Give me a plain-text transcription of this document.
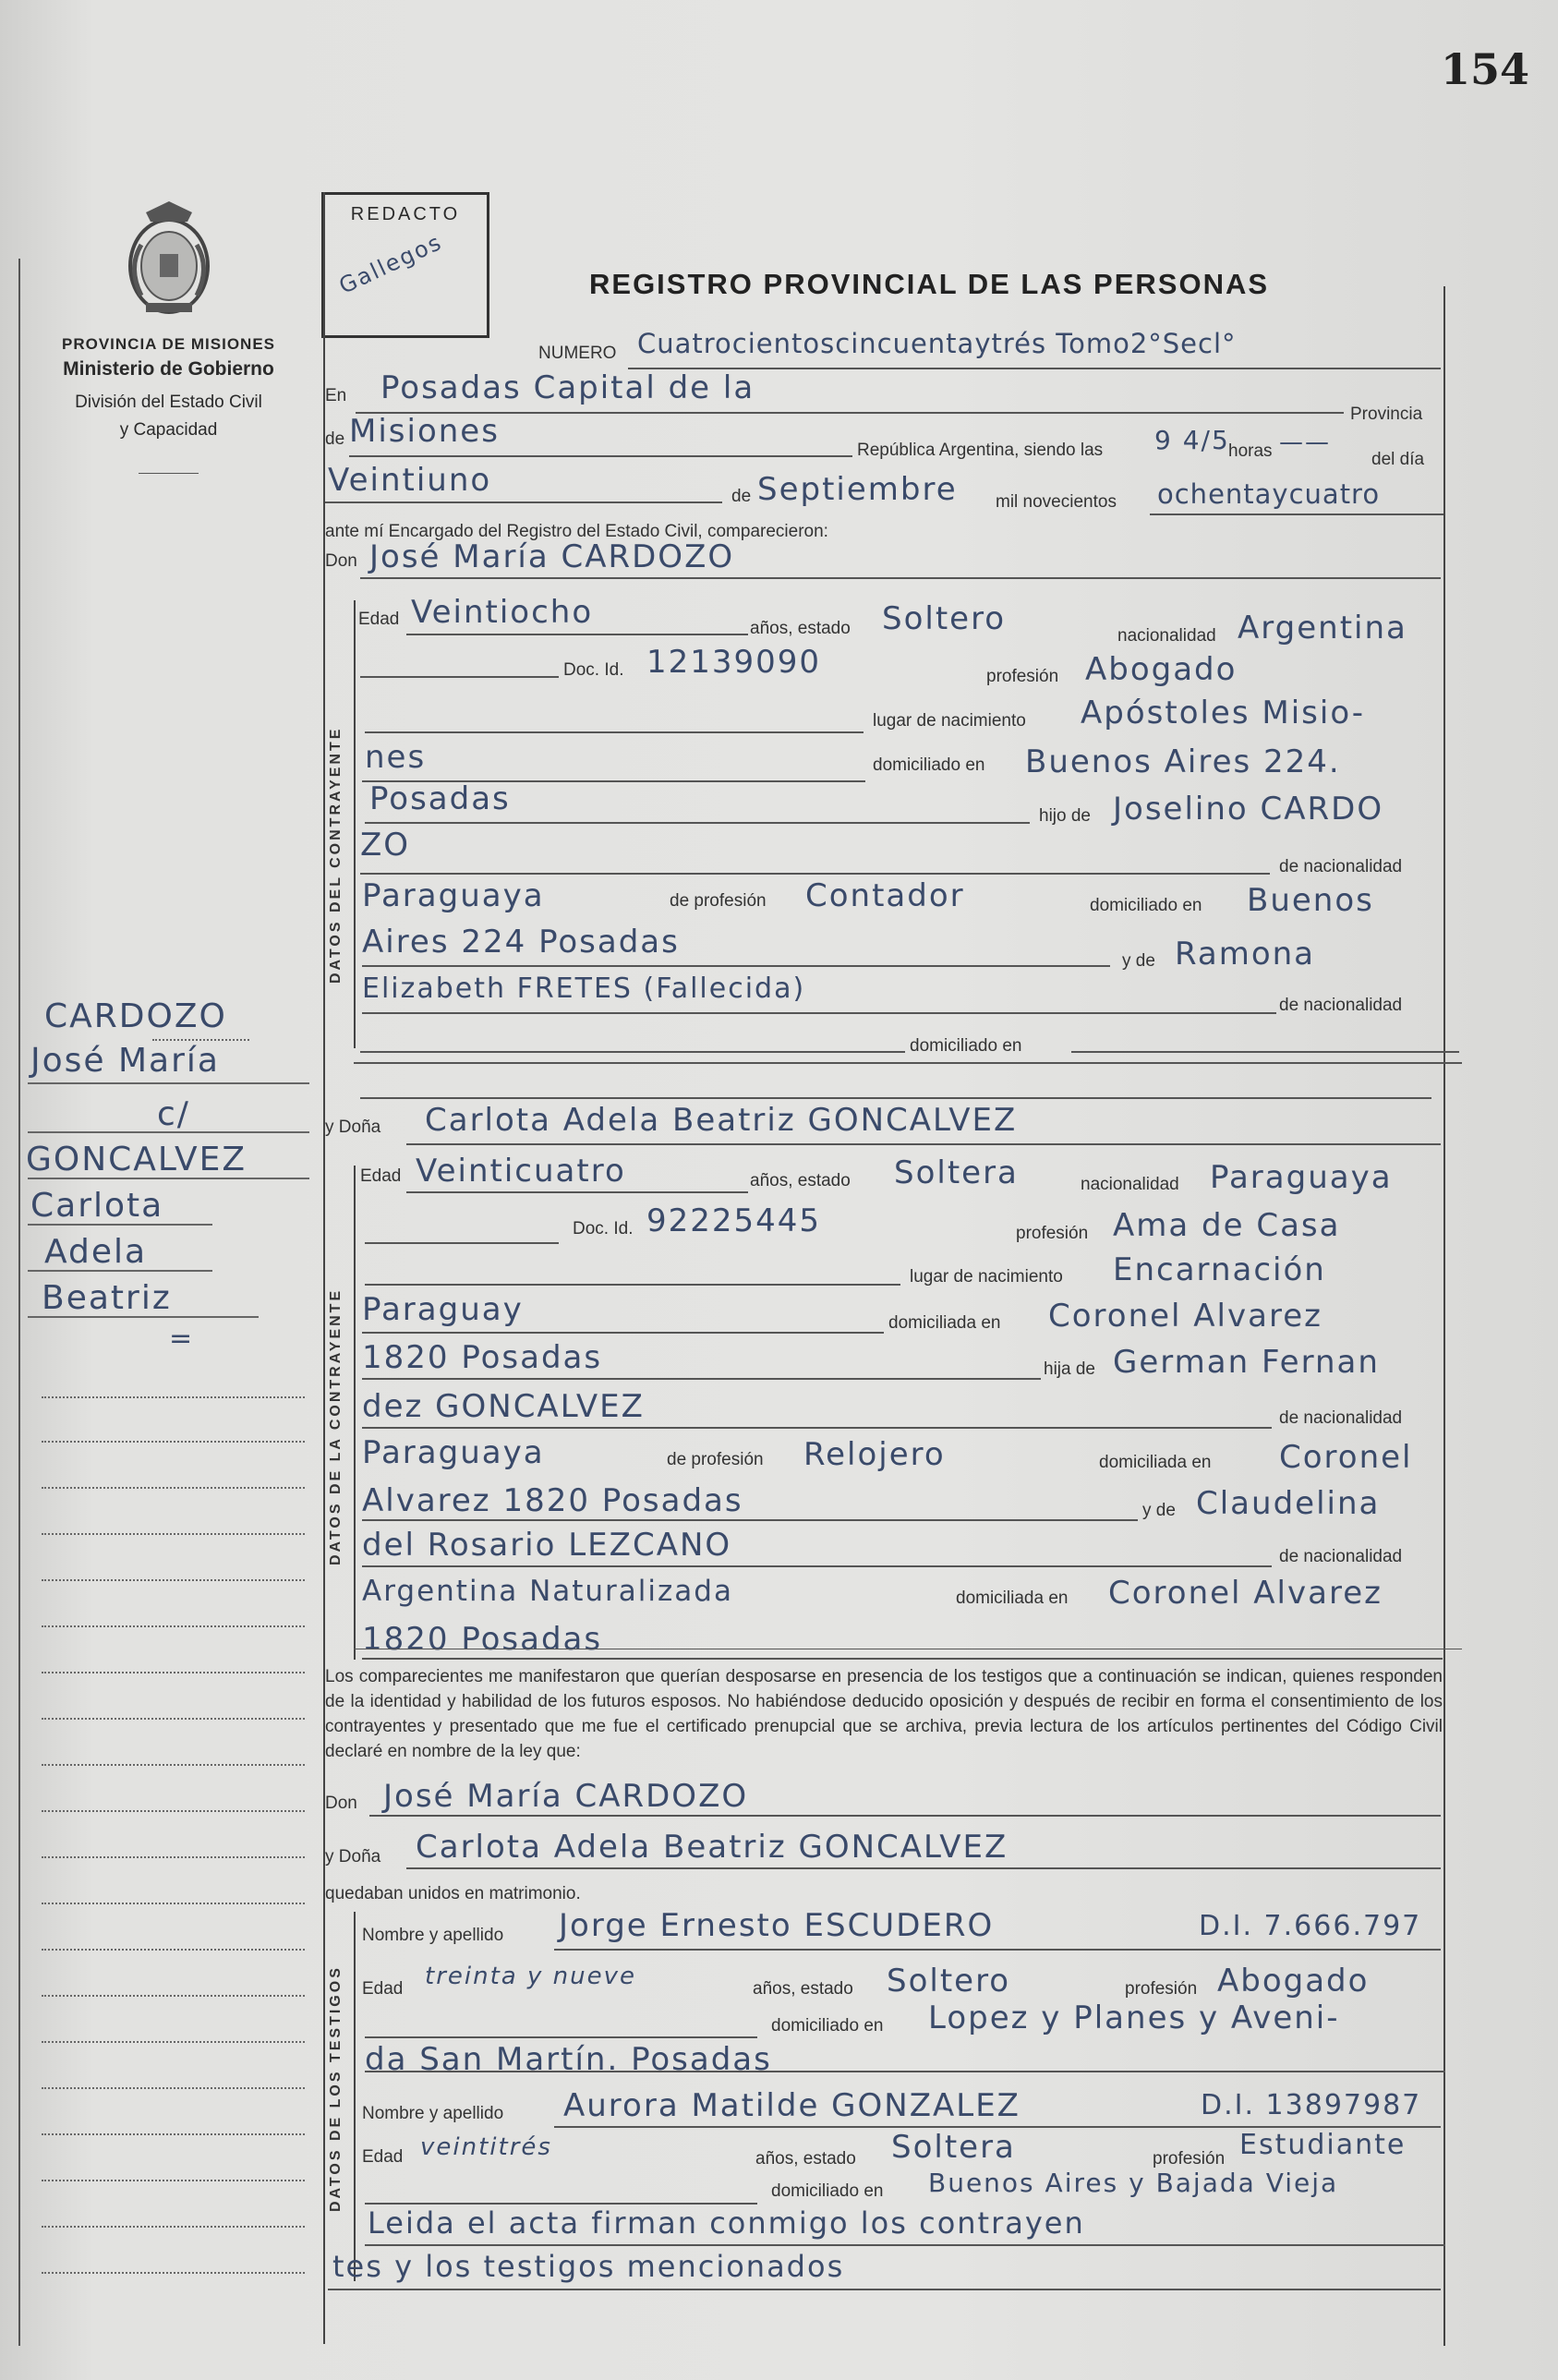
154
PROVINCIA DE MISIONES
Ministerio de Gobierno
División del Estado Civil
y Capacidad
REDACTO
Gallegos	REGISTRO PROVINCIAL DE LAS PERSONAS
NUMERO Cuatrocientoscincuentaytrés Tomo2°Secl°
En Posadas Capital de la
Provincia
de Misiones
República Argentina, siendo las 9 4/5
horas ——
del día
Veintiuno	de Septiembre mil novecientos ochentaycuatro
ante mí Encargado del Registro del Estado Civil, comparecieron:
Don José María CARDOZO
DATOS DEL CONTRAYENTE
Edad Veintiocho	años, estado Soltero	nacionalidad Argentina
Doc. Id. 12139090	profesión Abogado
lugar de nacimiento Apóstoles Misio-
nes	domiciliado en Buenos Aires 224.
Posadas	hijo de Joselino CARDO
ZO
de nacionalidad
Paraguaya	de profesión Contador	domiciliado en Buenos
Aires 224 Posadas
y de Ramona
Elizabeth FRETES (Fallecida)
de nacionalidad
domiciliado en
y Doña Carlota Adela Beatriz GONCALVEZ
DATOS DE LA CONTRAYENTE
Edad Veinticuatro	años, estado Soltera	nacionalidad Paraguaya
Doc. Id. 92225445	profesión Ama de Casa
lugar de nacimiento Encarnación
Paraguay	domiciliada en Coronel Alvarez
1820 Posadas	hija de German Fernan
dez GONCALVEZ	de nacionalidad
Paraguaya	de profesión Relojero	domiciliada en Coronel
Alvarez 1820 Posadas	y de Claudelina
del Rosario LEZCANO	de nacionalidad
Argentina Naturalizada	domiciliada en Coronel Alvarez
1820 Posadas
Los comparecientes me manifestaron que querían desposarse en presencia de los testigos que a continuación se indican, quienes responden de la identidad y habilidad de los futuros esposos. No habiéndose deducido oposición y después de recibir en forma el consentimiento de los contrayentes y presentado que me fue el certificado prenupcial que se archiva, previa lectura de los artículos pertinentes del Código Civil declaré en nombre de la ley que:
Don José María CARDOZO
y Doña Carlota Adela Beatriz GONCALVEZ
quedaban unidos en matrimonio.
DATOS DE LOS TESTIGOS
Nombre y apellido Jorge Ernesto ESCUDERO	D.I. 7.666.797
Edad treinta y nueve	años, estado Soltero	profesión Abogado
domiciliado en Lopez y Planes y Aveni-
da San Martín. Posadas
Nombre y apellido Aurora Matilde GONZALEZ	D.I. 13897987
Edad veintitrés	años, estado Soltera	profesión Estudiante
domiciliado en Buenos Aires y Bajada Vieja
Leida el acta firman conmigo los contrayen
tes y los testigos mencionados
CARDOZO
José María
c/
GONCALVEZ
Carlota
Adela
Beatriz
=
